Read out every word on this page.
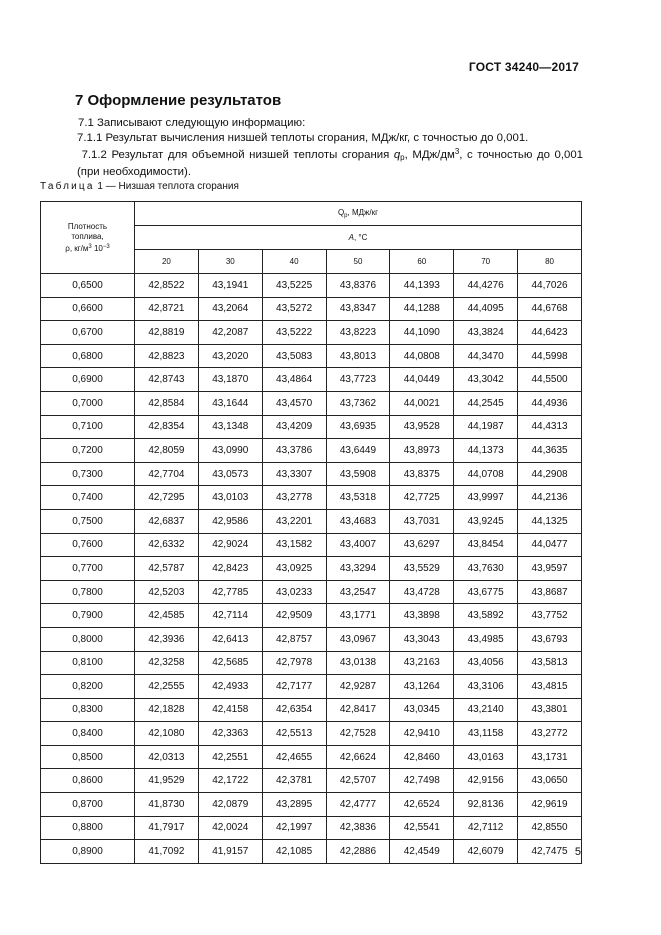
ГОСТ 34240—2017
7 Оформление результатов
7.1 Записывают следующую информацию:
7.1.1 Результат вычисления низшей теплоты сгорания, МДж/кг, с точностью до 0,001.
7.1.2 Результат для объемной низшей теплоты сгорания $q_р$, МДж/$дм^3$, с точностью до 0,001 (при необходимости).
Таблица 1 — Низшая теплота сгорания
Плотность
топлива,
ρ, $кг/м^3$ $10^{-3}$	$Q_р$, МДж/кг						
	A, °С						
	20	30	40	50	60	70	80
0,6500	42,8522	43,1941	43,5225	43,8376	44,1393	44,4276	44,7026
0,6600	42,8721	43,2064	43,5272	43,8347	44,1288	44,4095	44,6768
0,6700	42,8819	42,2087	43,5222	43,8223	44,1090	43,3824	44,6423
0,6800	42,8823	43,2020	43,5083	43,8013	44,0808	44,3470	44,5998
0,6900	42,8743	43,1870	43,4864	43,7723	44,0449	43,3042	44,5500
0,7000	42,8584	43,1644	43,4570	43,7362	44,0021	44,2545	44,4936
0,7100	42,8354	43,1348	43,4209	43,6935	43,9528	44,1987	44,4313
0,7200	42,8059	43,0990	43,3786	43,6449	43,8973	44,1373	44,3635
0,7300	42,7704	43,0573	43,3307	43,5908	43,8375	44,0708	44,2908
0,7400	42,7295	43,0103	43,2778	43,5318	42,7725	43,9997	44,2136
0,7500	42,6837	42,9586	43,2201	43,4683	43,7031	43,9245	44,1325
0,7600	42,6332	42,9024	43,1582	43,4007	43,6297	43,8454	44,0477
0,7700	42,5787	42,8423	43,0925	43,3294	43,5529	43,7630	43,9597
0,7800	42,5203	42,7785	43,0233	43,2547	43,4728	43,6775	43,8687
0,7900	42,4585	42,7114	42,9509	43,1771	43,3898	43,5892	43,7752
0,8000	42,3936	42,6413	42,8757	43,0967	43,3043	43,4985	43,6793
0,8100	42,3258	42,5685	42,7978	43,0138	43,2163	43,4056	43,5813
0,8200	42,2555	42,4933	42,7177	42,9287	43,1264	43,3106	43,4815
0,8300	42,1828	42,4158	42,6354	42,8417	43,0345	43,2140	43,3801
0,8400	42,1080	42,3363	42,5513	42,7528	42,9410	43,1158	43,2772
0,8500	42,0313	42,2551	42,4655	42,6624	42,8460	43,0163	43,1731
0,8600	41,9529	42,1722	42,3781	42,5707	42,7498	42,9156	43,0650
0,8700	41,8730	42,0879	43,2895	42,4777	42,6524	92,8136	42,9619
0,8800	41,7917	42,0024	42,1997	42,3836	42,5541	42,7112	42,8550
0,8900	41,7092	41,9157	42,1085	42,2886	42,4549	42,6079	42,7475 5
